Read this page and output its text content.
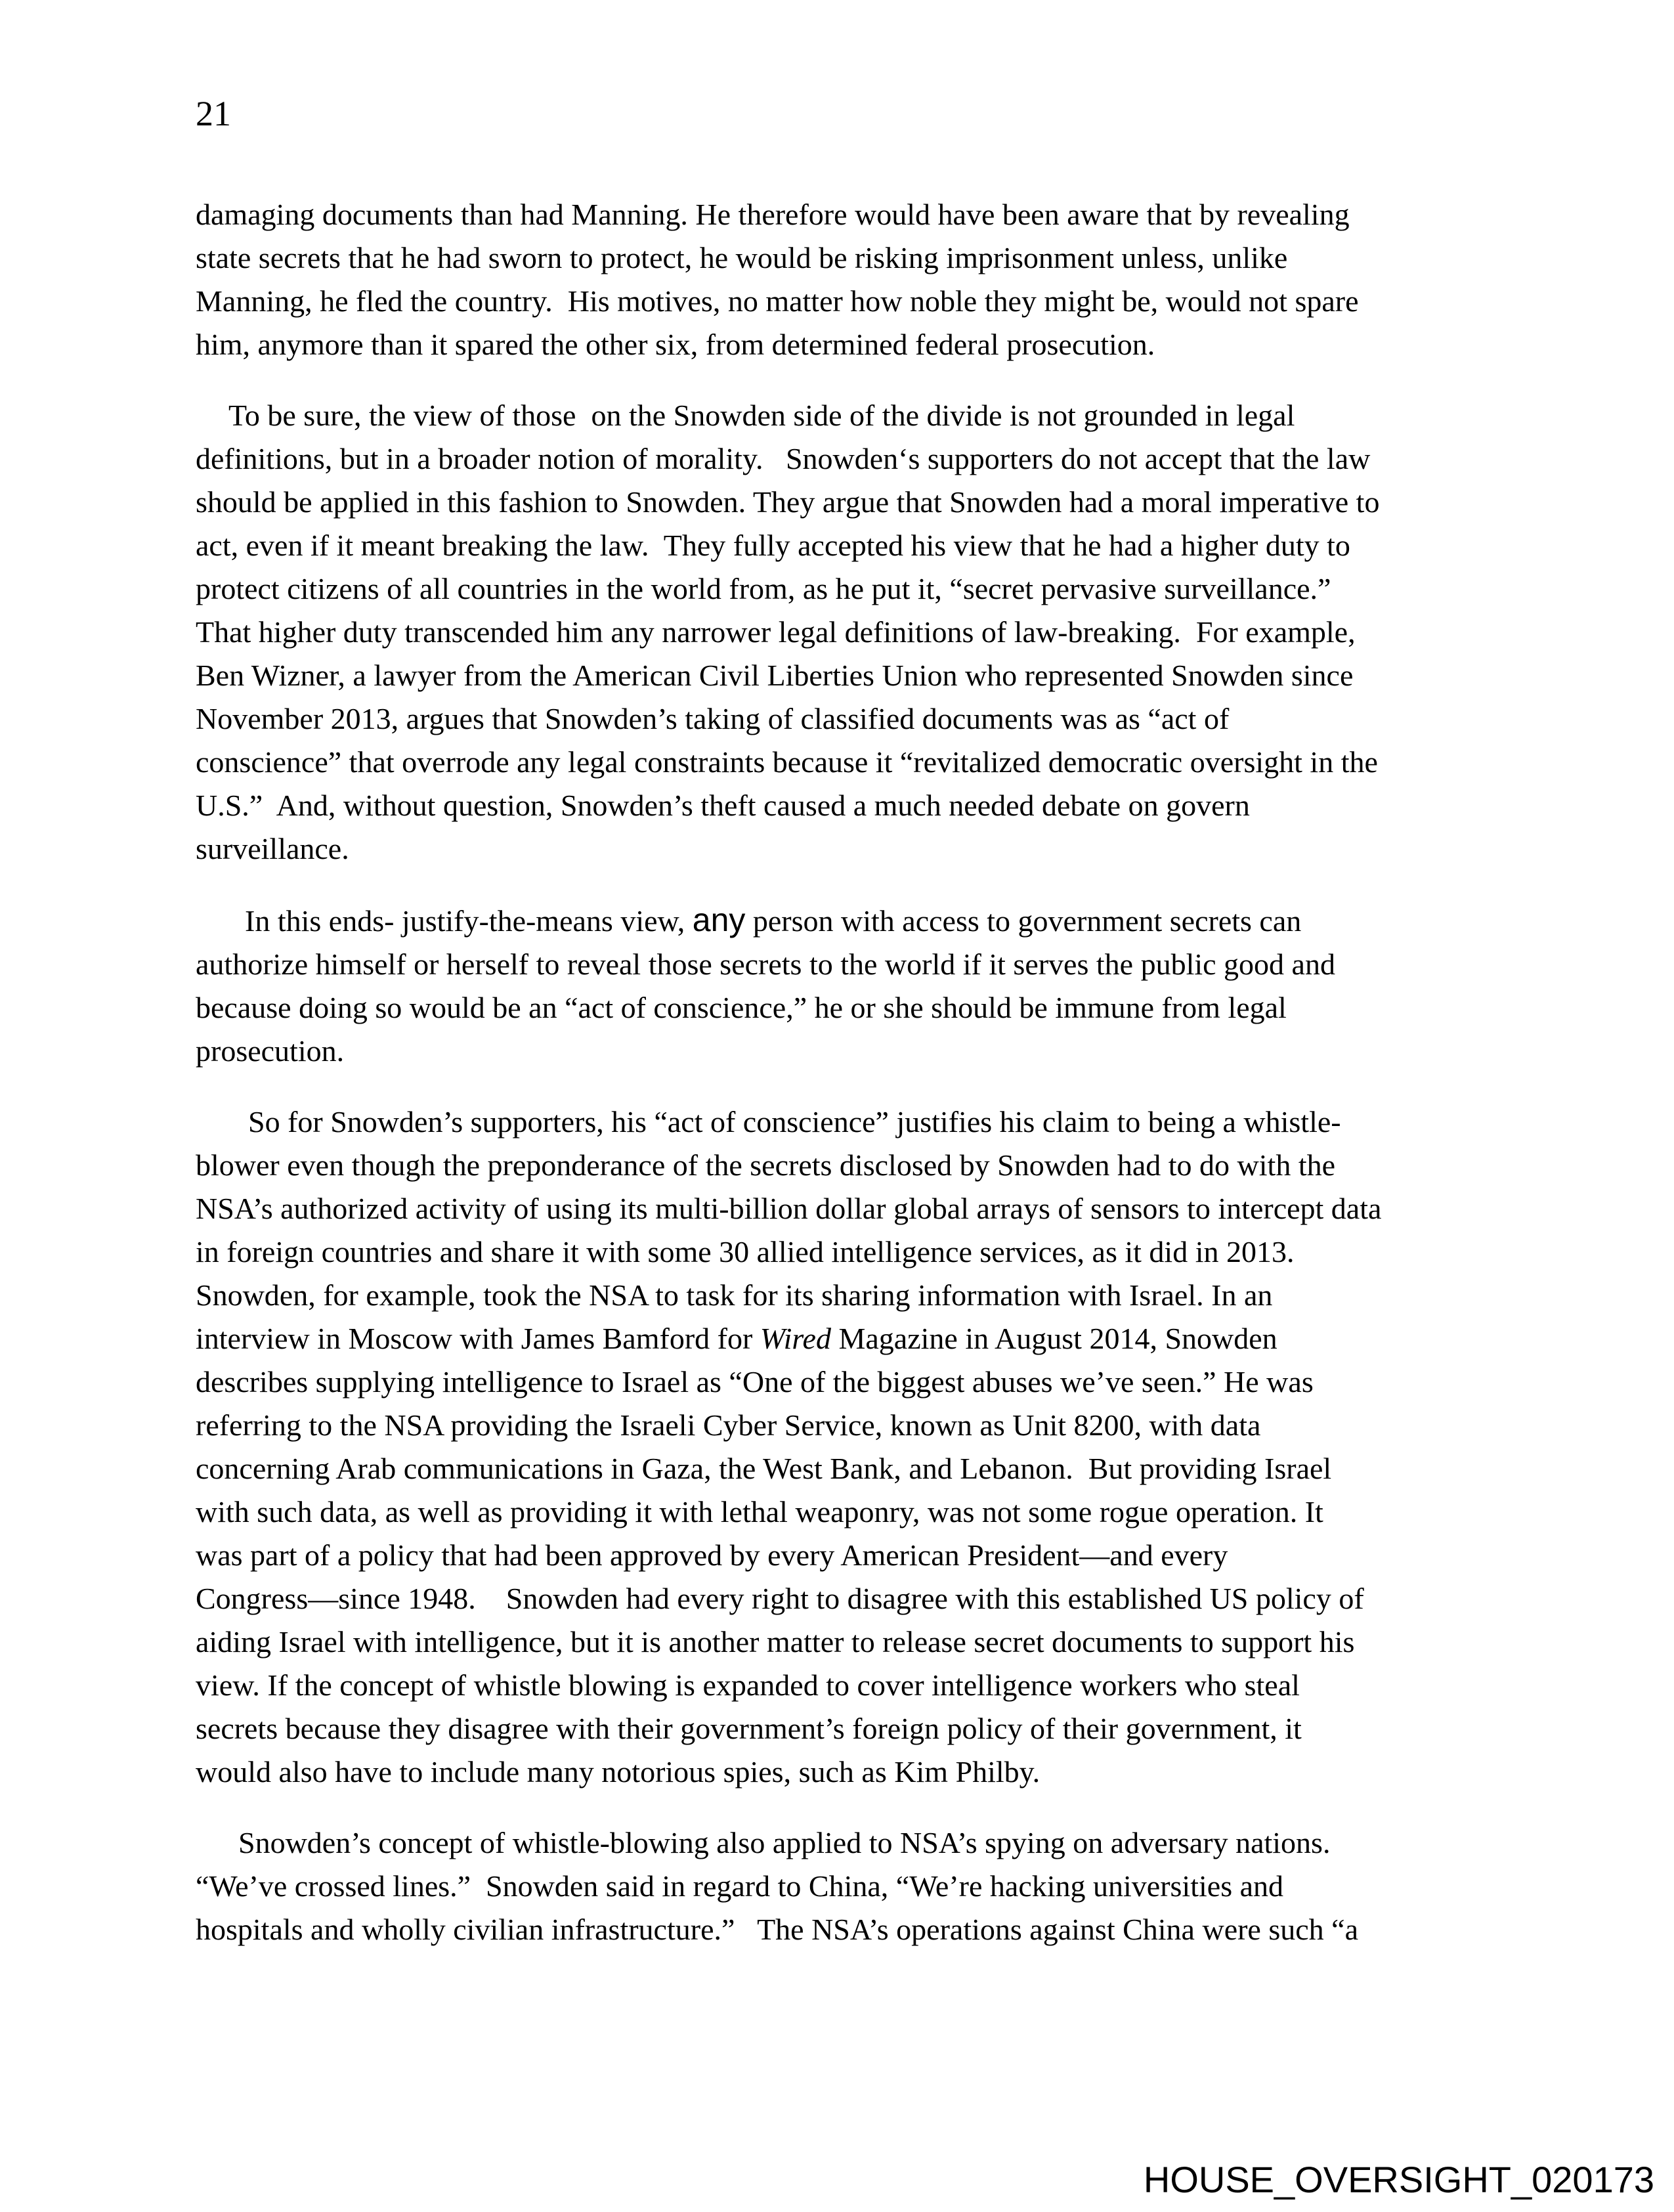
21
damaging documents than had Manning. He therefore would have been aware that by revealing
state secrets that he had sworn to protect, he would be risking imprisonment unless, unlike
Manning, he fled the country.  His motives, no matter how noble they might be, would not spare
him, anymore than it spared the other six, from determined federal prosecution.
To be sure, the view of those  on the Snowden side of the divide is not grounded in legal
definitions, but in a broader notion of morality.   Snowden‘s supporters do not accept that the law
should be applied in this fashion to Snowden. They argue that Snowden had a moral imperative to
act, even if it meant breaking the law.  They fully accepted his view that he had a higher duty to
protect citizens of all countries in the world from, as he put it, “secret pervasive surveillance.”
That higher duty transcended him any narrower legal definitions of law-breaking.  For example,
Ben Wizner, a lawyer from the American Civil Liberties Union who represented Snowden since
November 2013, argues that Snowden’s taking of classified documents was as “act of
conscience” that overrode any legal constraints because it “revitalized democratic oversight in the
U.S.”  And, without question, Snowden’s theft caused a much needed debate on govern
surveillance.
In this ends- justify-the-means view, any person with access to government secrets can
authorize himself or herself to reveal those secrets to the world if it serves the public good and
because doing so would be an “act of conscience,” he or she should be immune from legal
prosecution.
So for Snowden’s supporters, his “act of conscience” justifies his claim to being a whistle-
blower even though the preponderance of the secrets disclosed by Snowden had to do with the
NSA’s authorized activity of using its multi-billion dollar global arrays of sensors to intercept data
in foreign countries and share it with some 30 allied intelligence services, as it did in 2013.
Snowden, for example, took the NSA to task for its sharing information with Israel. In an
interview in Moscow with James Bamford for Wired Magazine in August 2014, Snowden
describes supplying intelligence to Israel as “One of the biggest abuses we’ve seen.” He was
referring to the NSA providing the Israeli Cyber Service, known as Unit 8200, with data
concerning Arab communications in Gaza, the West Bank, and Lebanon.  But providing Israel
with such data, as well as providing it with lethal weaponry, was not some rogue operation. It
was part of a policy that had been approved by every American President—and every
Congress—since 1948.    Snowden had every right to disagree with this established US policy of
aiding Israel with intelligence, but it is another matter to release secret documents to support his
view. If the concept of whistle blowing is expanded to cover intelligence workers who steal
secrets because they disagree with their government’s foreign policy of their government, it
would also have to include many notorious spies, such as Kim Philby.
Snowden’s concept of whistle-blowing also applied to NSA’s spying on adversary nations.
“We’ve crossed lines.”  Snowden said in regard to China, “We’re hacking universities and
hospitals and wholly civilian infrastructure.”   The NSA’s operations against China were such “a
HOUSE_OVERSIGHT_020173
